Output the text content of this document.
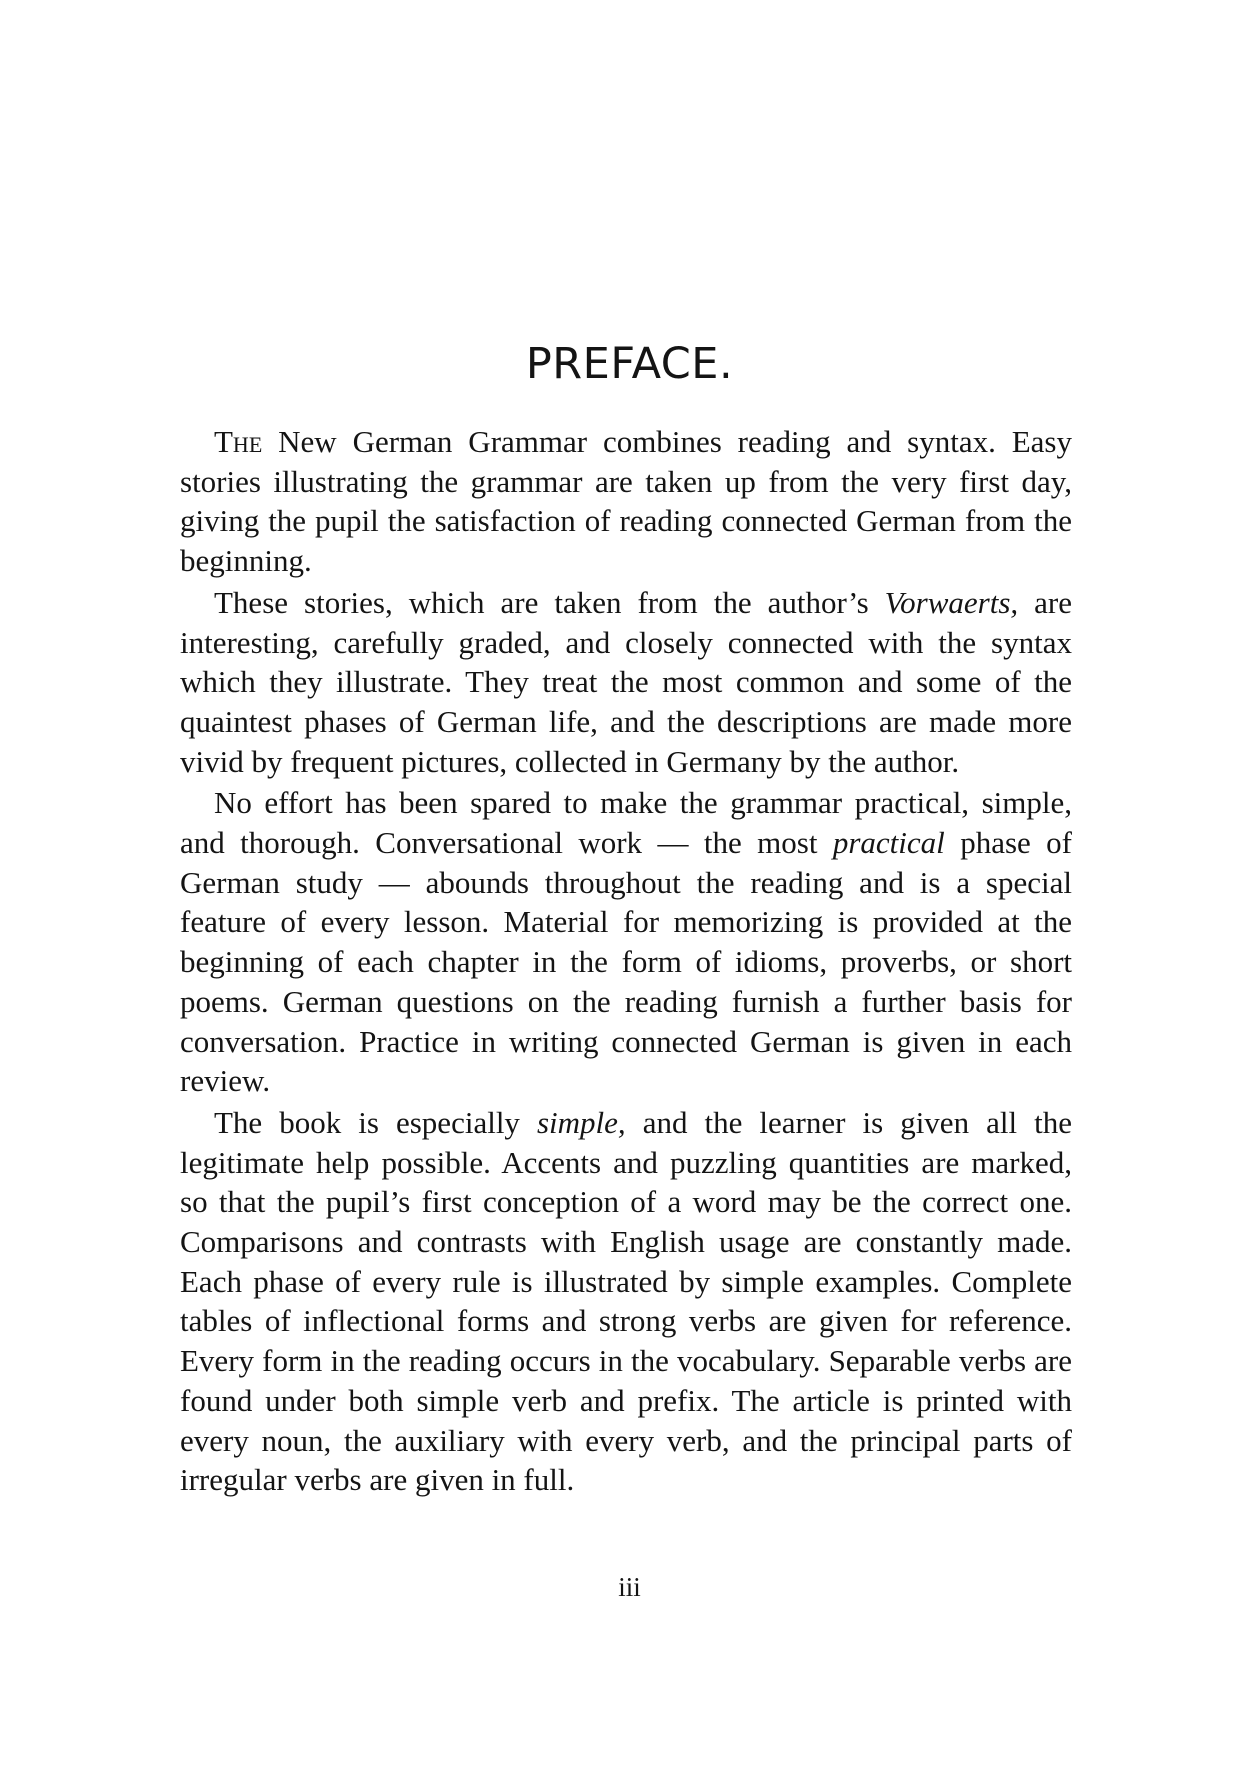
PREFACE.

The New German Grammar combines reading and syntax. Easy stories illustrating the grammar are taken up from the very first day, giving the pupil the satisfaction of reading connected German from the beginning.

These stories, which are taken from the author’s Vorwaerts, are interesting, carefully graded, and closely connected with the syntax which they illustrate. They treat the most common and some of the quaintest phases of German life, and the descriptions are made more vivid by frequent pictures, collected in Germany by the author.

No effort has been spared to make the grammar practical, simple, and thorough. Conversational work — the most practical phase of German study — abounds throughout the reading and is a special feature of every lesson. Material for memorizing is provided at the beginning of each chapter in the form of idioms, proverbs, or short poems. German questions on the reading furnish a further basis for conversation. Practice in writing connected German is given in each review.

The book is especially simple, and the learner is given all the legitimate help possible. Accents and puzzling quantities are marked, so that the pupil’s first conception of a word may be the correct one. Comparisons and contrasts with English usage are constantly made. Each phase of every rule is illustrated by simple examples. Complete tables of inflectional forms and strong verbs are given for reference. Every form in the reading occurs in the vocabulary. Separable verbs are found under both simple verb and prefix. The article is printed with every noun, the auxiliary with every verb, and the principal parts of irregular verbs are given in full.

iii
